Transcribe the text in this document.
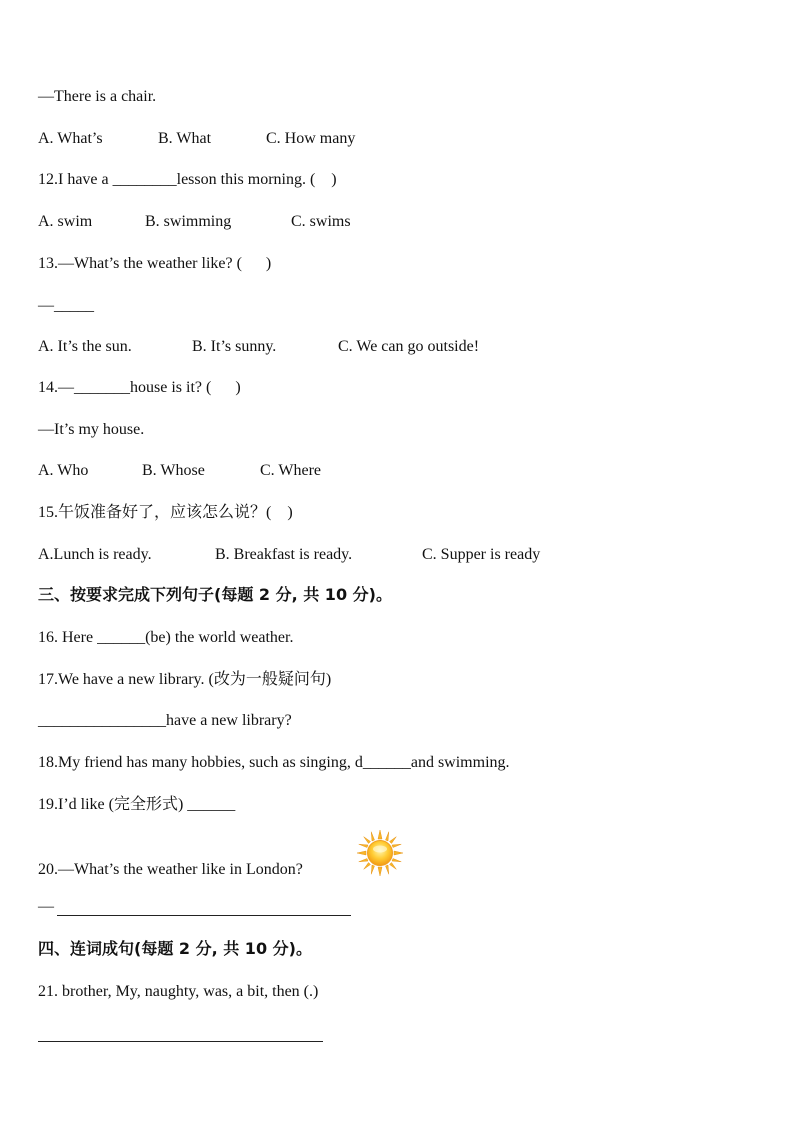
—There is a chair.
A. What’s	B. What	C. How many
12.I have a ________lesson this morning. (    )
A. swim	B. swimming	C. swims
13.—What’s the weather like? (      )
—_____
A. It’s the sun.	B. It’s sunny.	C. We can go outside!
14.—_______house is it? (      )
—It’s my house.
A. Who	B. Whose	C. Where
15.午饭准备好了，应该怎么说？(    )
A.Lunch is ready.	B. Breakfast is ready.	C. Supper is ready
三、按要求完成下列句子(每题 2 分, 共 10 分)。
16. Here ______(be) the world weather.
17.We have a new library. (改为一般疑问句)
________________have a new library?
18.My friend has many hobbies, such as singing, d______and swimming.
19.I’d like (完全形式) ______
20.—What’s the weather like in London?
—
四、连词成句(每题 2 分, 共 10 分)。
21. brother, My, naughty, was, a bit, then (.)
